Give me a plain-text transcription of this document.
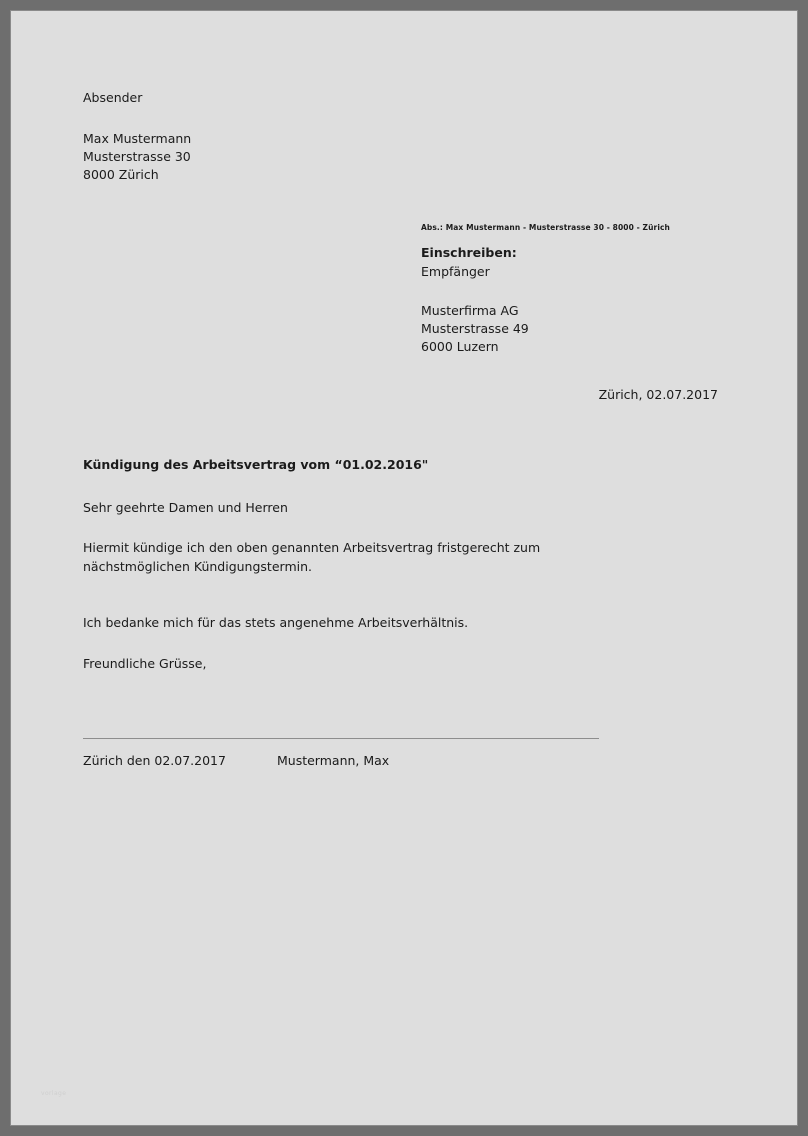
Absender
Max Mustermann
Musterstrasse 30
8000 Zürich
Abs.: Max Mustermann - Musterstrasse 30 - 8000 - Zürich
Einschreiben:
Empfänger
Musterfirma AG
Musterstrasse 49
6000 Luzern
Zürich, 02.07.2017
Kündigung des Arbeitsvertrag vom “01.02.2016"
Sehr geehrte Damen und Herren
Hiermit kündige ich den oben genannten Arbeitsvertrag fristgerecht zum nächstmöglichen Kündigungstermin.
Ich bedanke mich für das stets angenehme Arbeitsverhältnis.
Freundliche Grüsse,
Zürich den 02.07.2017	Mustermann, Max
vorlage
